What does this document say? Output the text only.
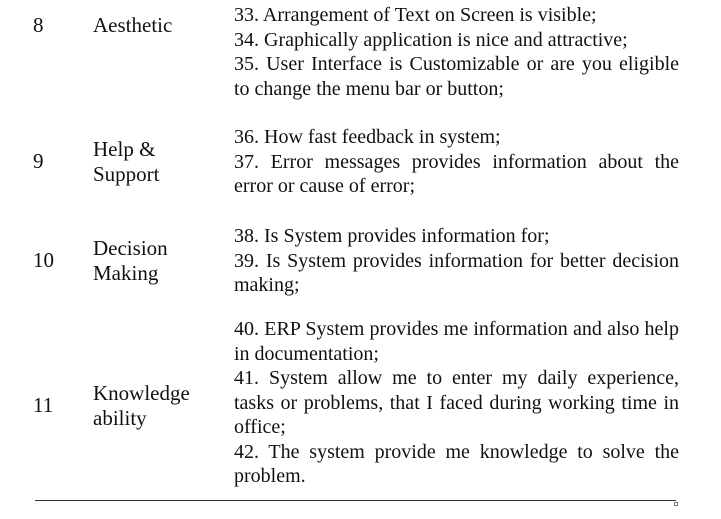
8 Aesthetic	33. Arrangement of Text on Screen is visible;

34. Graphically application is nice and attractive;

35. User Interface is Customizable or are you eligible to change the menu bar or button;

9 Help & Support

36. How fast feedback in system;

37. Error messages provides information about the error or cause of error;

10 Decision Making

38. Is System provides information for;

39. Is System provides information for better decision making;

11 Knowledge ability

40. ERP System provides me information and also help in documentation;

41. System allow me to enter my daily experience, tasks or problems, that I faced during working time in office;

42. The system provide me knowledge to solve the problem.
